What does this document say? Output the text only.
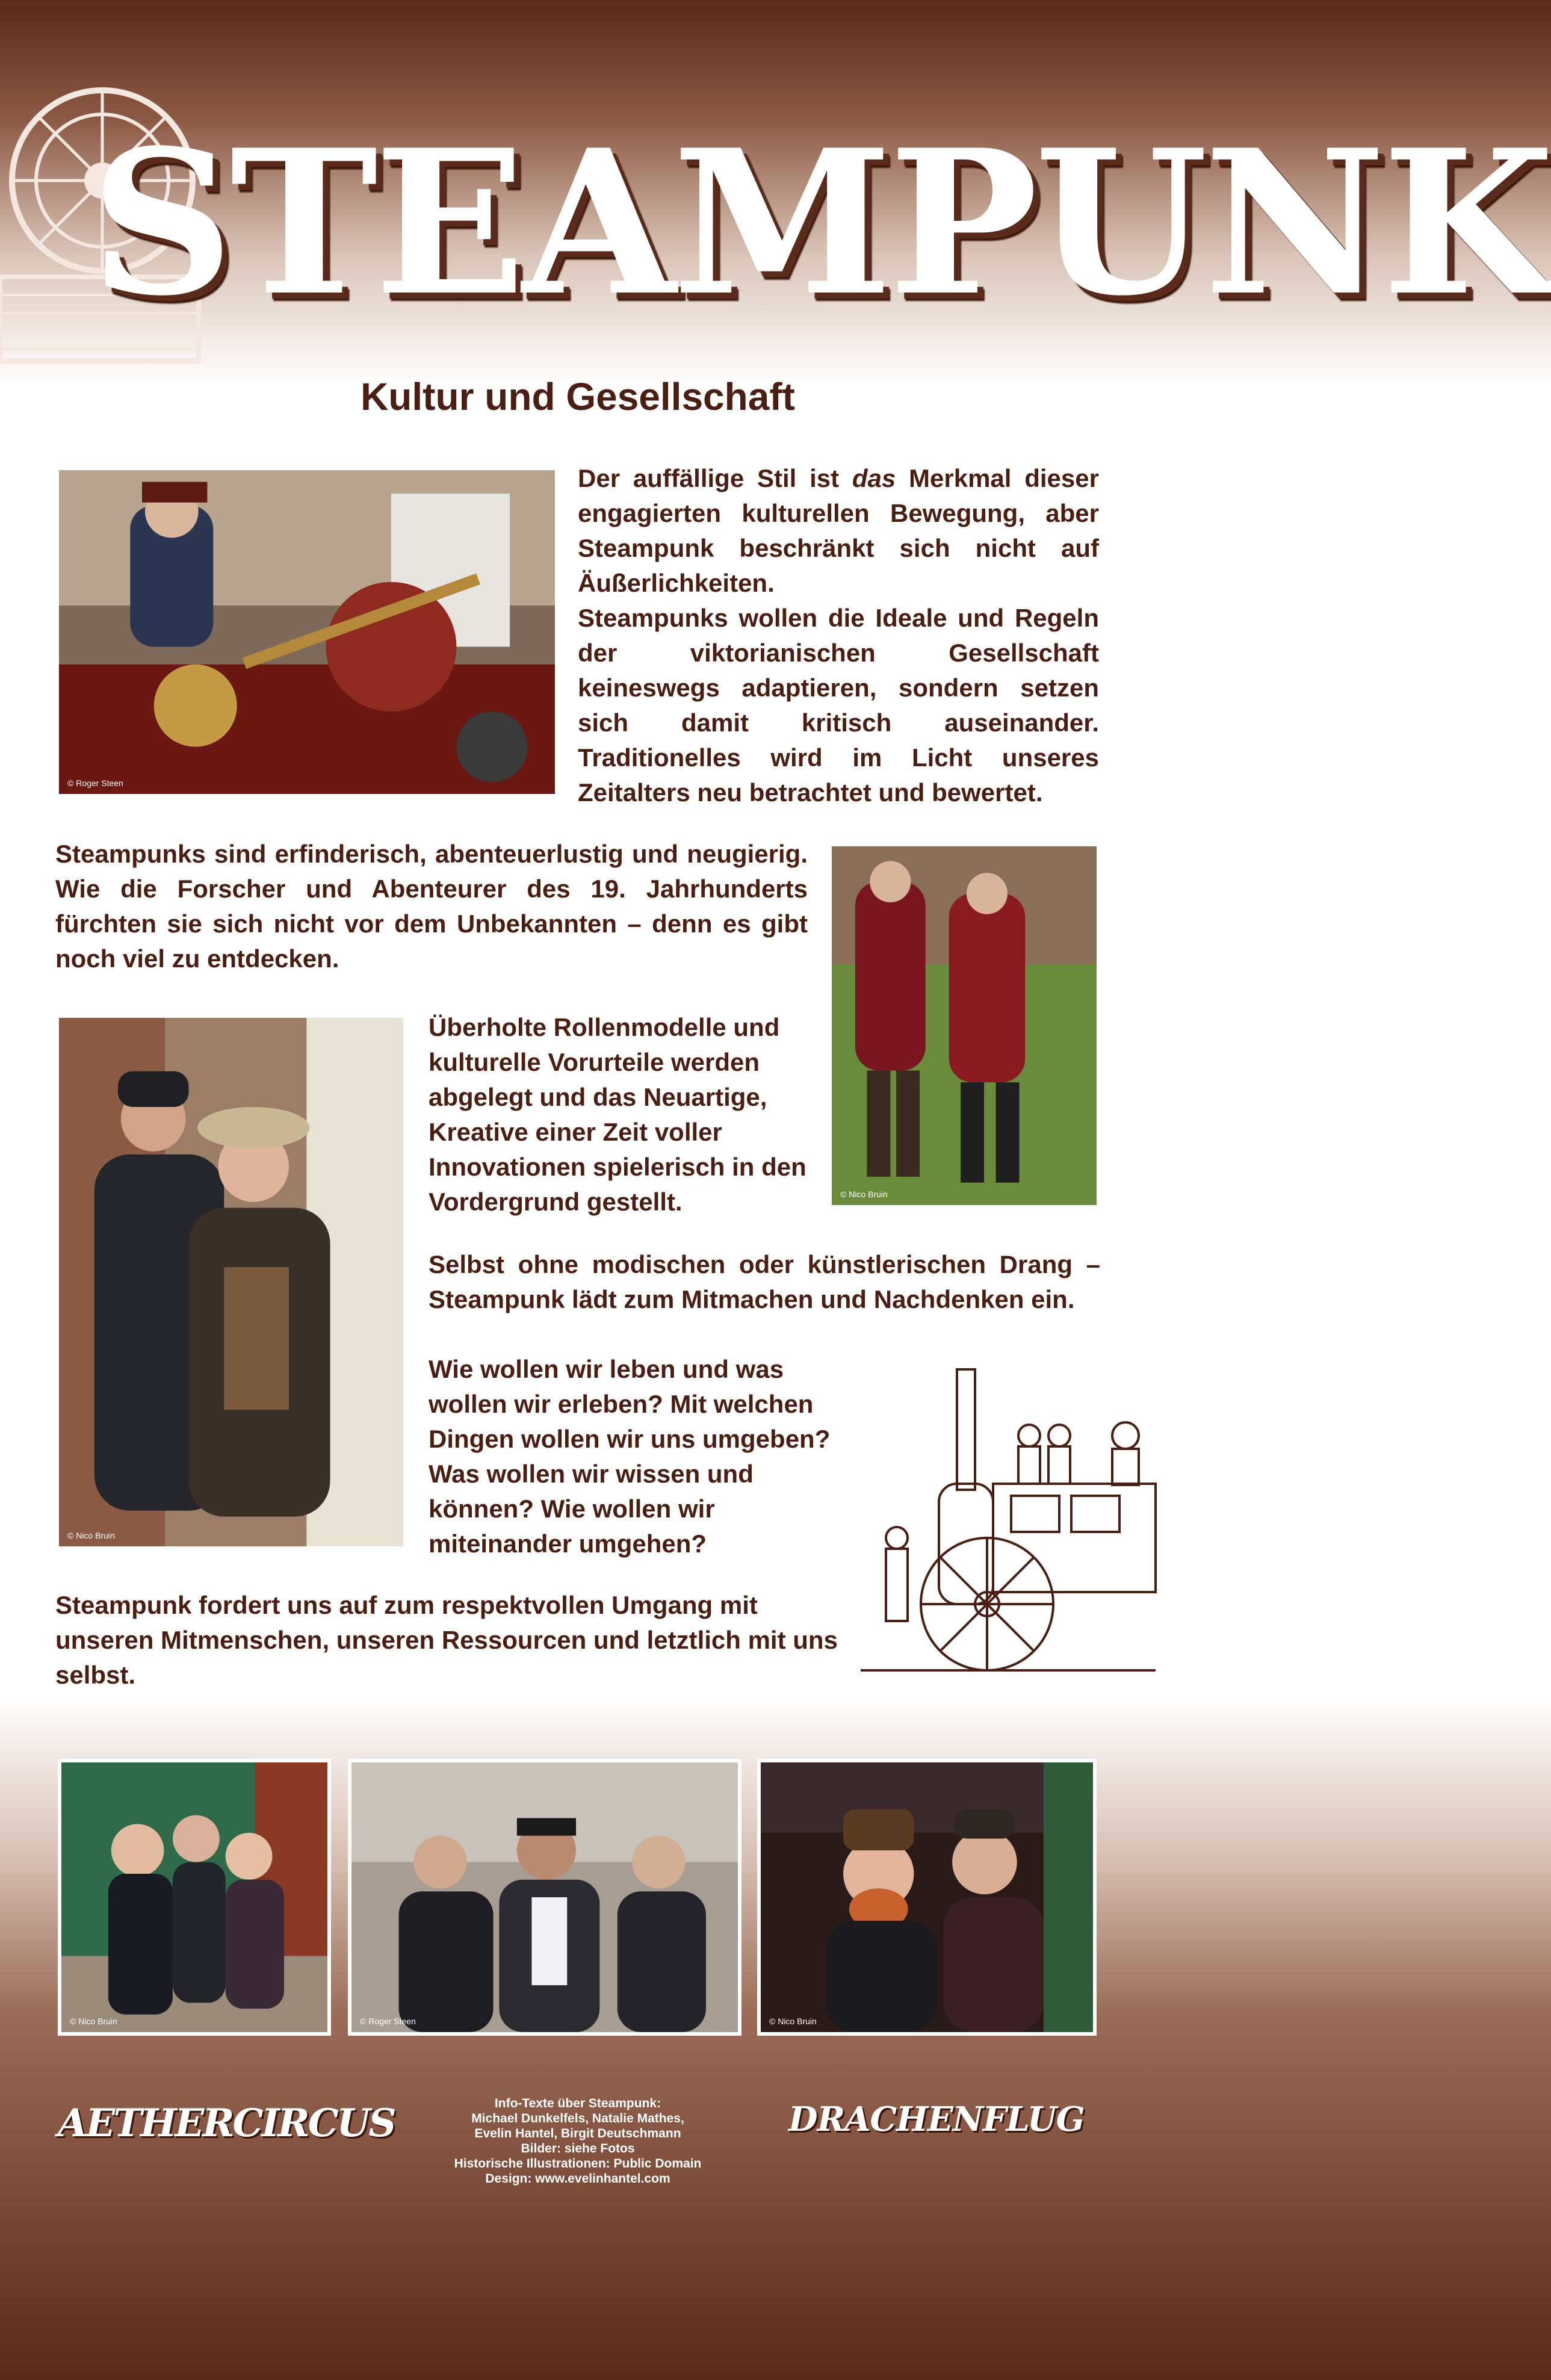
STEAMPUNK
Kultur und Gesellschaft
© Roger Steen

Der auffällige Stil ist das Merkmal dieser engagierten kulturellen Bewegung, aber Steampunk beschränkt sich nicht auf Äußerlichkeiten.

Steampunks wollen die Ideale und Regeln der viktorianischen Gesellschaft keineswegs adaptieren, sondern setzen sich damit kritisch auseinander. Traditionelles wird im Licht unseres Zeitalters neu betrachtet und bewertet.

Steampunks sind erfinderisch, abenteuerlustig und neugierig. Wie die Forscher und Abenteurer des 19. Jahrhunderts fürchten sie sich nicht vor dem Unbekannten – denn es gibt noch viel zu entdecken.

© Nico Bruin
© Nico Bruin

Überholte Rollenmodelle und kulturelle Vorurteile werden abgelegt und das Neuartige, Kreative einer Zeit voller Innovationen spielerisch in den Vordergrund gestellt.

Selbst ohne modischen oder künstlerischen Drang – Steampunk lädt zum Mitmachen und Nachdenken ein.

Wie wollen wir leben und was wollen wir erleben? Mit welchen Dingen wollen wir uns umgeben? Was wollen wir wissen und können? Wie wollen wir miteinander umgehen?

Steampunk fordert uns auf zum respektvollen Umgang mit unseren Mitmenschen, unseren Ressourcen und letztlich mit uns selbst.

© Nico Bruin	© Roger Steen	© Nico Bruin
AETHERCIRCUS	Info-Texte über Steampunk:
Michael Dunkelfels, Natalie Mathes,
Evelin Hantel, Birgit Deutschmann
Bilder: siehe Fotos
Historische Illustrationen: Public Domain
Design: www.evelinhantel.com
DRACHENFLUG
